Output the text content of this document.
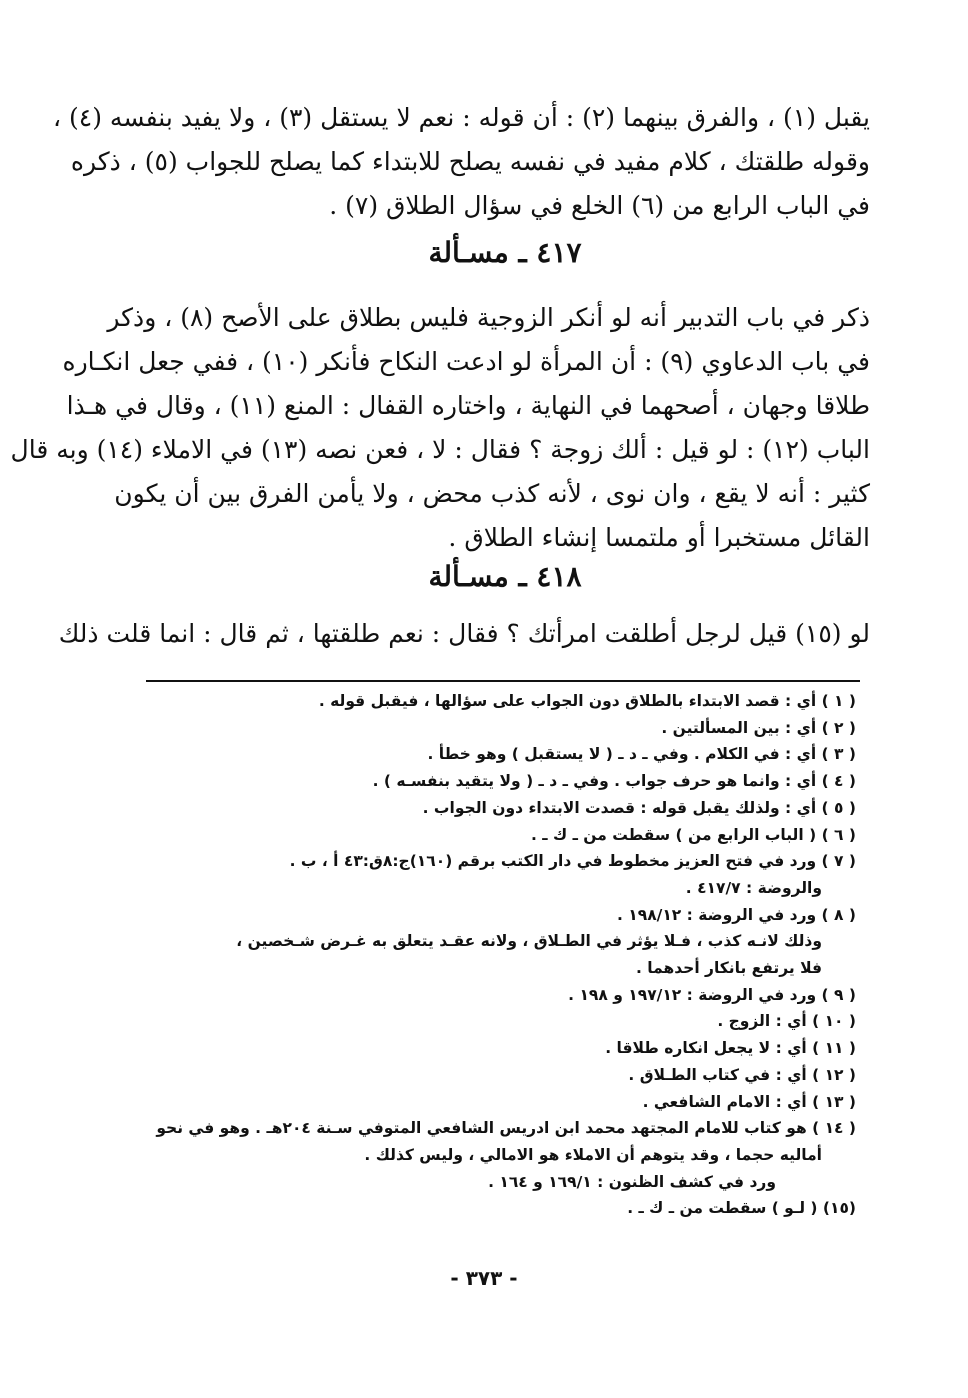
يقبل (١) ، والفرق بينهما (٢) : أن قوله : نعم لا يستقل (٣) ، ولا يفيد بنفسه (٤) ،
وقوله طلقتك ، كلام مفيد في نفسه يصلح للابتداء كما يصلح للجواب (٥) ، ذكره
في الباب الرابع من (٦) الخلع في سؤال الطلاق (٧) .
٤١٧ ـ مسـألة
ذكر في باب التدبير أنه لو أنكر الزوجية فليس بطلاق على الأصح (٨) ، وذكر
في باب الدعاوي (٩) : أن المرأة لو ادعت النكاح فأنكر (١٠) ، ففي جعل انكـاره
طلاقا وجهان ، أصحهما في النهاية ، واختاره القفال : المنع (١١) ، وقال في هـذا
الباب (١٢) : لو قيل : ألك زوجة ؟ فقال : لا ، فعن نصه (١٣) في الاملاء (١٤) وبه قال
كثير : أنه لا يقع ، وان نوى ، لأنه كذب محض ، ولا يأمن الفرق بين أن يكون
القائل مستخبرا أو ملتمسا إنشاء الطلاق .
٤١٨ ـ مسـألة
لو (١٥) قيل لرجل أطلقت امرأتك ؟ فقال : نعم طلقتها ، ثم قال : انما قلت ذلك
( ١ ) أي : قصد الابتداء بالطلاق دون الجواب على سؤالها ، فيقبل قوله .
( ٢ ) أي : بين المسألتين .
( ٣ ) أي : في الكلام . وفي ـ د ـ ( لا يستقبل ) وهو خطأ .
( ٤ ) أي : وانما هو حرف جواب . وفي ـ د ـ ( ولا يتقيد بنفسـه ) .
( ٥ ) أي : ولذلك يقبل قوله : قصدت الابتداء دون الجواب .
( ٦ ) ( الباب الرابع من ) سقطت من ـ ك ـ .
( ٧ ) ورد في فتح العزيز مخطوط في دار الكتب برقم (١٦٠)ج:٨ق:٤٣ أ ، ب .
والروضة : ٤١٧/٧ .
( ٨ ) ورد في الروضة : ١٩٨/١٢ .
وذلك لانـه كذب ، فـلا يؤثر في الطـلاق ، ولانه عقـد يتعلق به غـرض شـخصين ،
فلا يرتفع بانكار أحدهما .
( ٩ ) ورد في الروضة : ١٩٧/١٢ و ١٩٨ .
( ١٠ ) أي : الزوج .
( ١١ ) أي : لا يجعل انكاره طلاقا .
( ١٢ ) أي : في كتاب الطـلاق .
( ١٣ ) أي : الامام الشافعي .
( ١٤ ) هو كتاب للامام المجتهد محمد ابن ادريس الشافعي المتوفي سـنة ٢٠٤هـ . وهو في نحو
أماليه حجما ، وقد يتوهم أن الاملاء هو الامالي ، وليس كذلك .
ورد في كشف الظنون : ١٦٩/١ و ١٦٤ .
(١٥) ( لـو ) سقطت من ـ ك ـ .
- ٣٧٣ -
